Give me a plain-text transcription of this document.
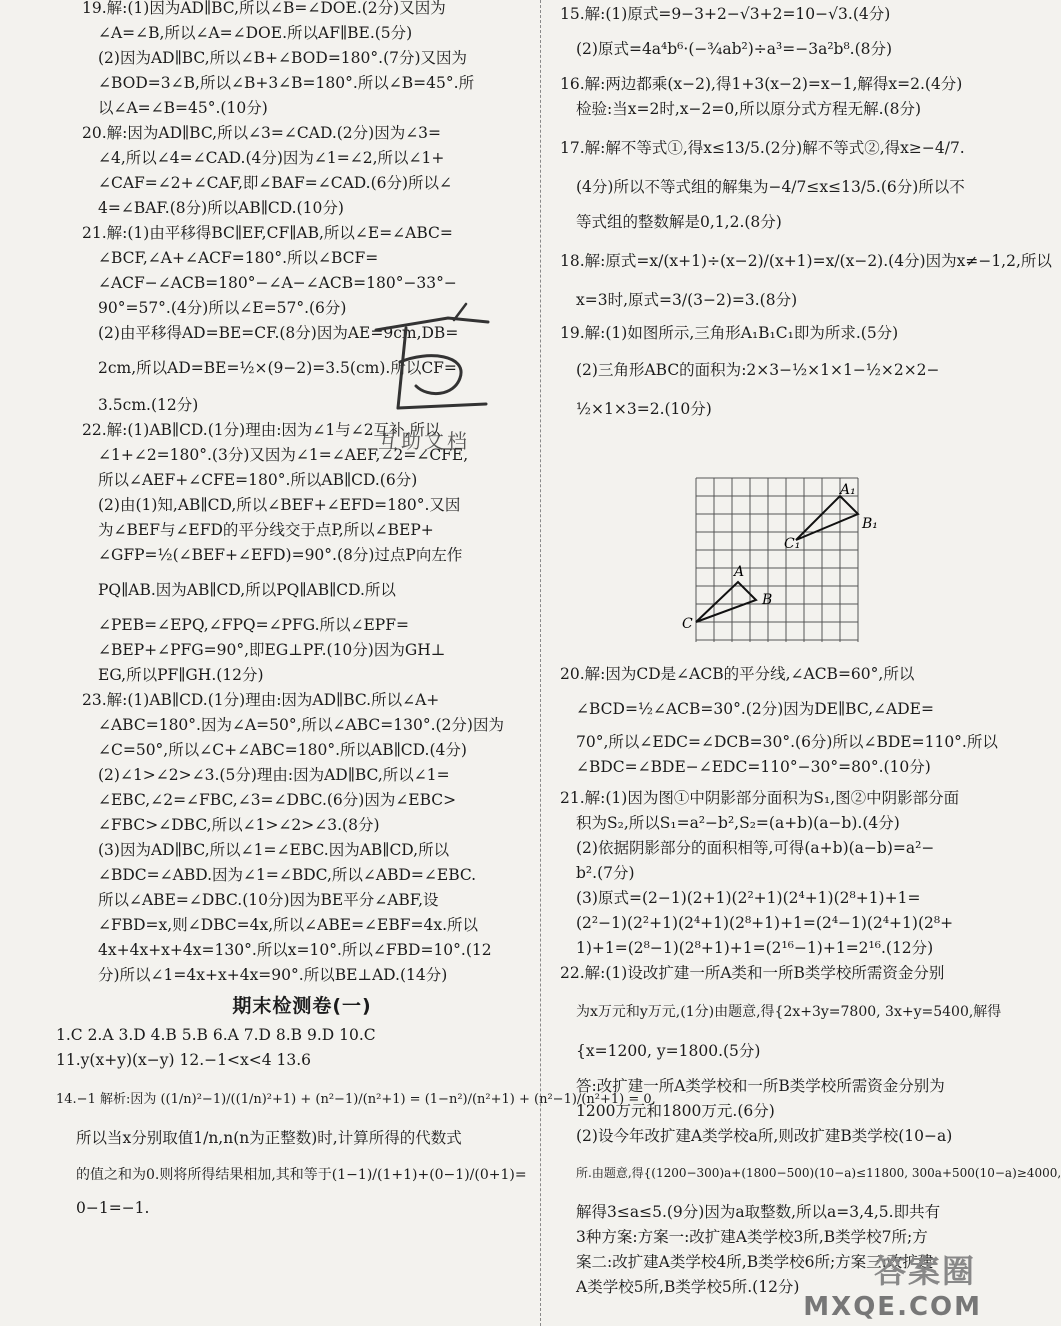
19.解:(1)因为AD∥BC,所以∠B=∠DOE.(2分)又因为
∠A=∠B,所以∠A=∠DOE.所以AF∥BE.(5分)
(2)因为AD∥BC,所以∠B+∠BOD=180°.(7分)又因为
∠BOD=3∠B,所以∠B+3∠B=180°.所以∠B=45°.所
以∠A=∠B=45°.(10分)
20.解:因为AD∥BC,所以∠3=∠CAD.(2分)因为∠3=
∠4,所以∠4=∠CAD.(4分)因为∠1=∠2,所以∠1+
∠CAF=∠2+∠CAF,即∠BAF=∠CAD.(6分)所以∠
4=∠BAF.(8分)所以AB∥CD.(10分)
21.解:(1)由平移得BC∥EF,CF∥AB,所以∠E=∠ABC=
∠BCF,∠A+∠ACF=180°.所以∠BCF=
∠ACF−∠ACB=180°−∠A−∠ACB=180°−33°−
90°=57°.(4分)所以∠E=57°.(6分)
(2)由平移得AD=BE=CF.(8分)因为AE=9cm,DB=
2cm,所以AD=BE=½×(9−2)=3.5(cm).所以CF=
3.5cm.(12分)
22.解:(1)AB∥CD.(1分)理由:因为∠1与∠2互补,所以
∠1+∠2=180°.(3分)又因为∠1=∠AEF,∠2=∠CFE,
所以∠AEF+∠CFE=180°.所以AB∥CD.(6分)
(2)由(1)知,AB∥CD,所以∠BEF+∠EFD=180°.又因
为∠BEF与∠EFD的平分线交于点P,所以∠BEP+
∠GFP=½(∠BEF+∠EFD)=90°.(8分)过点P向左作
PQ∥AB.因为AB∥CD,所以PQ∥AB∥CD.所以
∠PEB=∠EPQ,∠FPQ=∠PFG.所以∠EPF=
∠BEP+∠PFG=90°,即EG⊥PF.(10分)因为GH⊥
EG,所以PF∥GH.(12分)
23.解:(1)AB∥CD.(1分)理由:因为AD∥BC.所以∠A+
∠ABC=180°.因为∠A=50°,所以∠ABC=130°.(2分)因为
∠C=50°,所以∠C+∠ABC=180°.所以AB∥CD.(4分)
(2)∠1>∠2>∠3.(5分)理由:因为AD∥BC,所以∠1=
∠EBC,∠2=∠FBC,∠3=∠DBC.(6分)因为∠EBC>
∠FBC>∠DBC,所以∠1>∠2>∠3.(8分)
(3)因为AD∥BC,所以∠1=∠EBC.因为AB∥CD,所以
∠BDC=∠ABD.因为∠1=∠BDC,所以∠ABD=∠EBC.
所以∠ABE=∠DBC.(10分)因为BE平分∠ABF,设
∠FBD=x,则∠DBC=4x,所以∠ABE=∠EBF=4x.所以
4x+4x+x+4x=130°.所以x=10°.所以∠FBD=10°.(12
分)所以∠1=4x+x+4x=90°.所以BE⊥AD.(14分)
期末检测卷(一)
1.C 2.A 3.D 4.B 5.B 6.A 7.D 8.B 9.D 10.C
11.y(x+y)(x−y) 12.−1<x<4 13.6
14.−1 解析:因为 ((1/n)²−1)/((1/n)²+1) + (n²−1)/(n²+1) = (1−n²)/(n²+1) + (n²−1)/(n²+1) = 0,
所以当x分别取值1/n,n(n为正整数)时,计算所得的代数式
的值之和为0.则将所得结果相加,其和等于(1−1)/(1+1)+(0−1)/(0+1)=
0−1=−1.
互助文档
15.解:(1)原式=9−3+2−√3+2=10−√3.(4分)
(2)原式=4a⁴b⁶·(−¾ab²)÷a³=−3a²b⁸.(8分)
16.解:两边都乘(x−2),得1+3(x−2)=x−1,解得x=2.(4分)
检验:当x=2时,x−2=0,所以原分式方程无解.(8分)
17.解:解不等式①,得x≤13/5.(2分)解不等式②,得x≥−4/7.
(4分)所以不等式组的解集为−4/7≤x≤13/5.(6分)所以不
等式组的整数解是0,1,2.(8分)
18.解:原式=x/(x+1)÷(x−2)/(x+1)=x/(x−2).(4分)因为x≠−1,2,所以
x=3时,原式=3/(3−2)=3.(8分)
19.解:(1)如图所示,三角形A₁B₁C₁即为所求.(5分)
(2)三角形ABC的面积为:2×3−½×1×1−½×2×2−
½×1×3=2.(10分)
C
A
B
C₁
A₁
B₁
20.解:因为CD是∠ACB的平分线,∠ACB=60°,所以
∠BCD=½∠ACB=30°.(2分)因为DE∥BC,∠ADE=
70°,所以∠EDC=∠DCB=30°.(6分)所以∠BDE=110°.所以
∠BDC=∠BDE−∠EDC=110°−30°=80°.(10分)
21.解:(1)因为图①中阴影部分面积为S₁,图②中阴影部分面
积为S₂,所以S₁=a²−b²,S₂=(a+b)(a−b).(4分)
(2)依据阴影部分的面积相等,可得(a+b)(a−b)=a²−
b².(7分)
(3)原式=(2−1)(2+1)(2²+1)(2⁴+1)(2⁸+1)+1=
(2²−1)(2²+1)(2⁴+1)(2⁸+1)+1=(2⁴−1)(2⁴+1)(2⁸+
1)+1=(2⁸−1)(2⁸+1)+1=(2¹⁶−1)+1=2¹⁶.(12分)
22.解:(1)设改扩建一所A类和一所B类学校所需资金分别
为x万元和y万元,(1分)由题意,得{2x+3y=7800, 3x+y=5400,解得
{x=1200, y=1800.(5分)
答:改扩建一所A类学校和一所B类学校所需资金分别为
1200万元和1800万元.(6分)
(2)设今年改扩建A类学校a所,则改扩建B类学校(10−a)
所.由题意,得{(1200−300)a+(1800−500)(10−a)≤11800, 300a+500(10−a)≥4000,
解得3≤a≤5.(9分)因为a取整数,所以a=3,4,5.即共有
3种方案:方案一:改扩建A类学校3所,B类学校7所;方
案二:改扩建A类学校4所,B类学校6所;方案三:改扩建
A类学校5所,B类学校5所.(12分)	答案圈
MXQE.COM
